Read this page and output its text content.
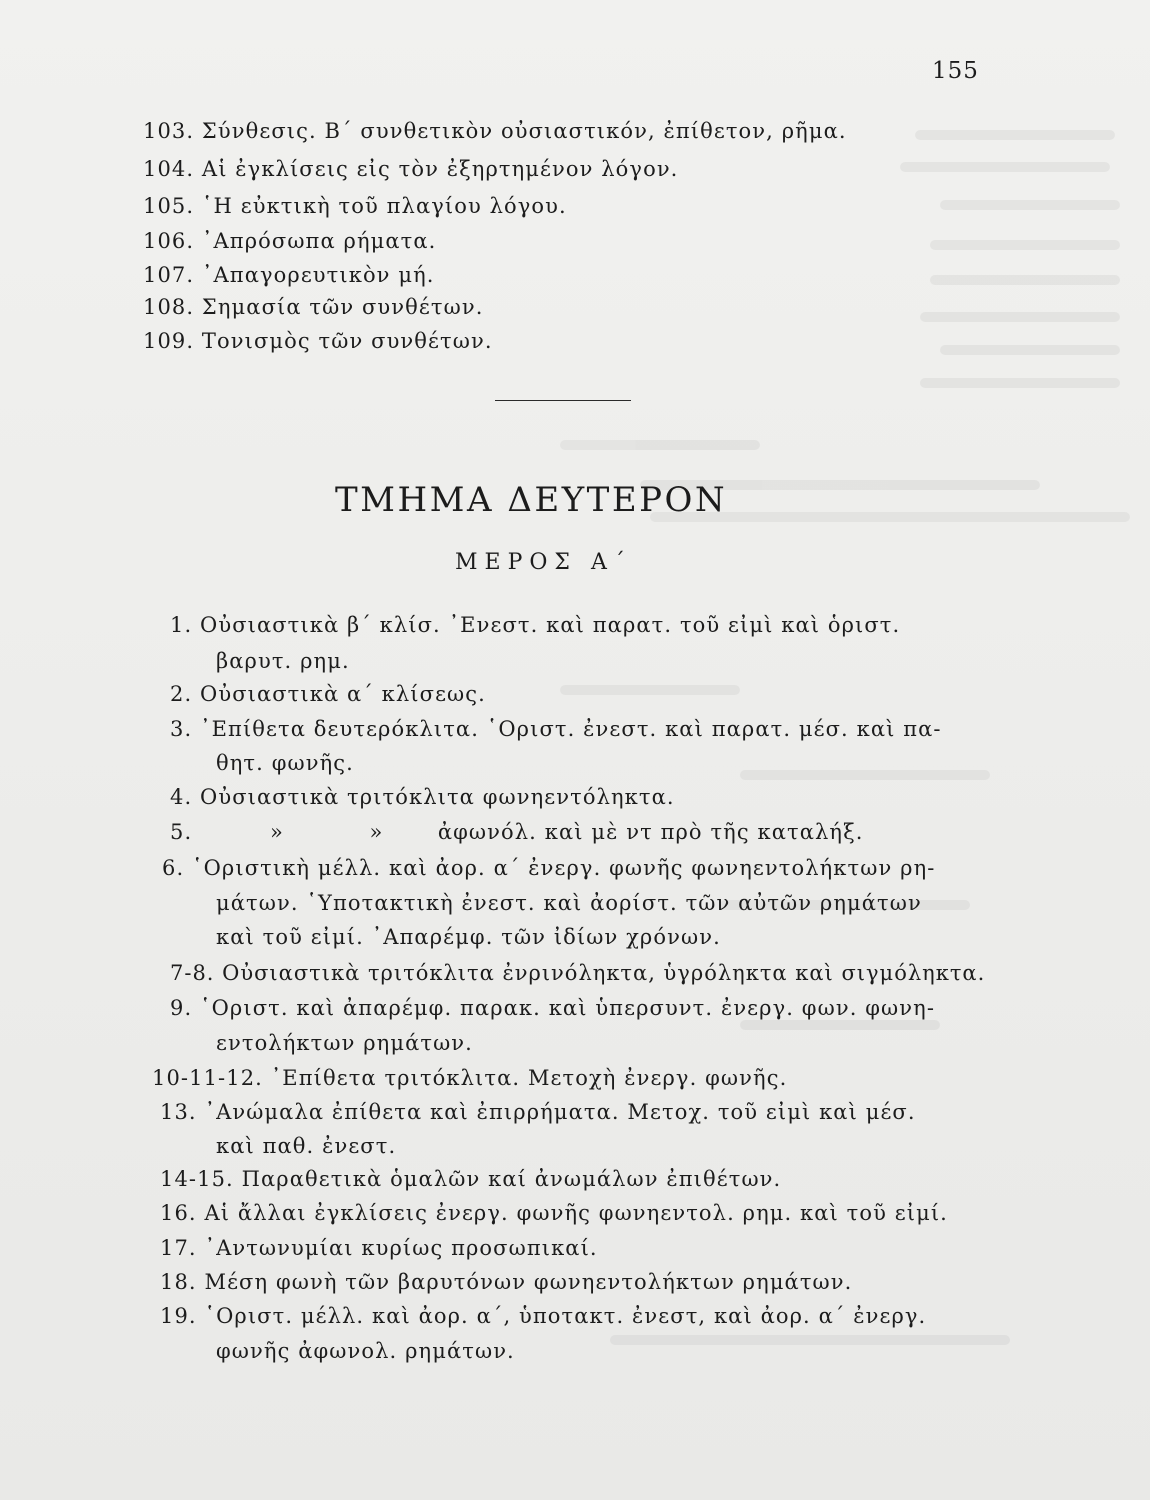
155
103. Σύνθεσις. Β΄ συνθετικὸν οὐσιαστικόν, ἐπίθετον, ρῆμα.
104. Αἱ ἐγκλίσεις εἰς τὸν ἐξηρτημένον λόγον.
105. ῾Η εὐκτικὴ τοῦ πλαγίου λόγου.
106. ᾿Απρόσωπα ρήματα.
107. ᾿Απαγορευτικὸν μή.
108. Σημασία τῶν συνθέτων.
109. Τονισμὸς τῶν συνθέτων.
ΤΜΗΜΑ ΔΕΥΤΕΡΟΝ
ΜΕΡΟΣ Α΄
1. Οὐσιαστικὰ β΄ κλίσ. ᾿Ενεστ. καὶ παρατ. τοῦ εἰμὶ καὶ ὁριστ.
βαρυτ. ρημ.
2. Οὐσιαστικὰ α΄ κλίσεως.
3. ᾿Επίθετα δευτερόκλιτα. ῾Οριστ. ἐνεστ. καὶ παρατ. μέσ. καὶ πα-
θητ. φωνῆς.
4. Οὐσιαστικὰ τριτόκλιτα φωνηεντόληκτα.
5.          »           »       ἀφωνόλ. καὶ μὲ ντ πρὸ τῆς καταλήξ.
6. ῾Οριστικὴ μέλλ. καὶ ἀορ. α΄ ἐνεργ. φωνῆς φωνηεντολήκτων ρη-
μάτων. ῾Υποτακτικὴ ἐνεστ. καὶ ἀορίστ. τῶν αὐτῶν ρημάτων
καὶ τοῦ εἰμί. ᾿Απαρέμφ. τῶν ἰδίων χρόνων.
7-8. Οὐσιαστικὰ τριτόκλιτα ἐνρινόληκτα, ὑγρόληκτα καὶ σιγμόληκτα.
9. ῾Οριστ. καὶ ἀπαρέμφ. παρακ. καὶ ὑπερσυντ. ἐνεργ. φων. φωνη-
εντολήκτων ρημάτων.
10-11-12. ᾿Επίθετα τριτόκλιτα. Μετοχὴ ἐνεργ. φωνῆς.
13. ᾿Ανώμαλα ἐπίθετα καὶ ἐπιρρήματα. Μετοχ. τοῦ εἰμὶ καὶ μέσ.
καὶ παθ. ἐνεστ.
14-15. Παραθετικὰ ὁμαλῶν καί ἀνωμάλων ἐπιθέτων.
16. Αἱ ἄλλαι ἐγκλίσεις ἐνεργ. φωνῆς φωνηεντολ. ρημ. καὶ τοῦ εἰμί.
17. ᾿Αντωνυμίαι κυρίως προσωπικαί.
18. Μέση φωνὴ τῶν βαρυτόνων φωνηεντολήκτων ρημάτων.
19. ῾Οριστ. μέλλ. καὶ ἀορ. α΄, ὑποτακτ. ἐνεστ, καὶ ἀορ. α΄ ἐνεργ.
φωνῆς ἀφωνολ. ρημάτων.
